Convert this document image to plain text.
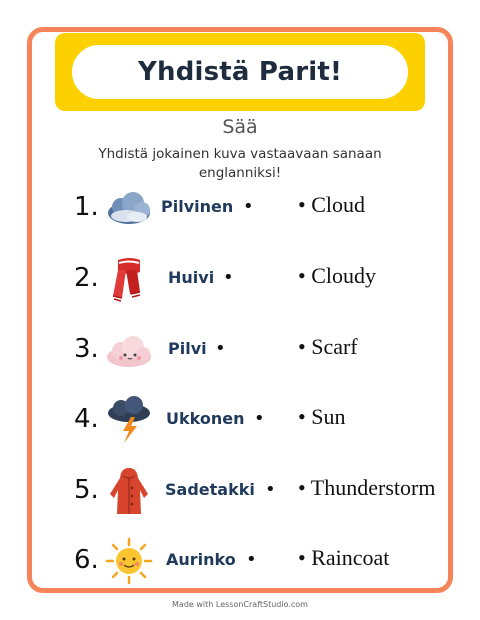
Yhdistä Parit!
Sää
Yhdistä jokainen kuva vastaavaan sanaan englanniksi!
1.	Pilvinen • • Cloud
2.	Huivi •	• Cloudy
3.	Pilvi •	• Scarf
4.	Ukkonen • • Sun
5.	Sadetakki • • Thunderstorm
6.	Aurinko • • Raincoat
Made with LessonCraftStudio.com
